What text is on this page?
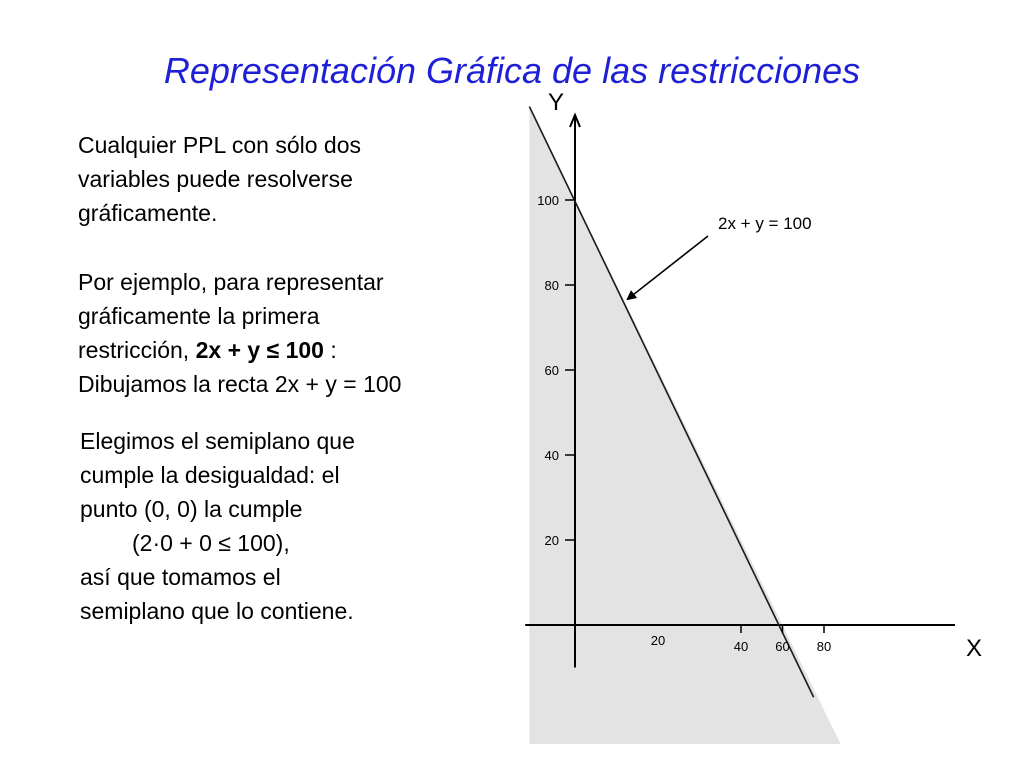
Representación Gráfica de las restricciones
Cualquier PPL con sólo dos
variables puede resolverse
gráficamente.
Por ejemplo, para representar
gráficamente la primera
restricción, 2x + y ≤ 100 :
Dibujamos la recta 2x + y = 100
Elegimos el semiplano que
cumple la desigualdad: el
punto (0, 0) la cumple
(2·0 + 0 ≤ 100),
así que tomamos el
semiplano que lo contiene.
20
40
60
80
100
20	40 60 80
Y
X
2x + y = 100
